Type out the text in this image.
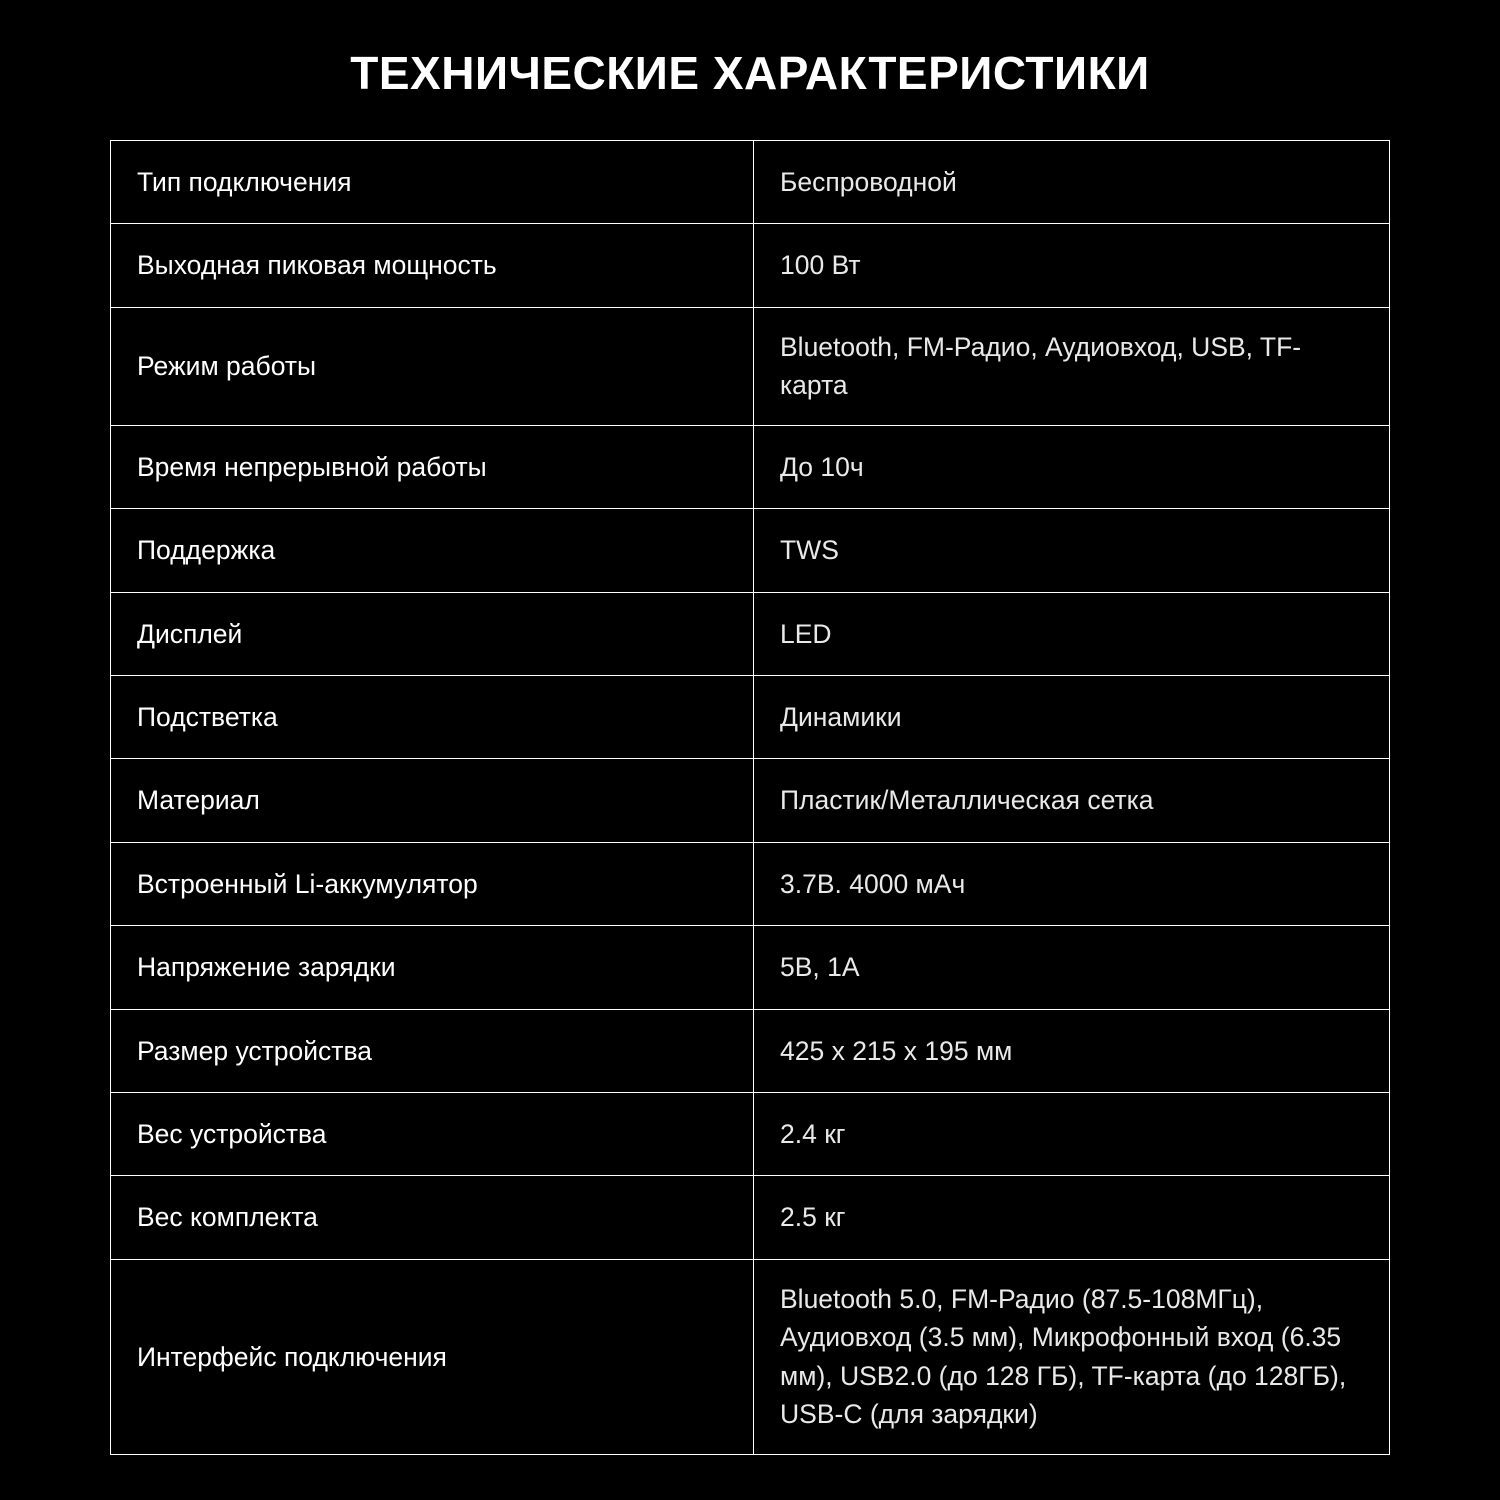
ТЕХНИЧЕСКИЕ ХАРАКТЕРИСТИКИ
Тип подключения	Беспроводной
Выходная пиковая мощность	100 Вт
Режим работы	Bluetooth, FM-Радио, Аудиовход, USB, TF-карта
Время непрерывной работы	До 10ч
Поддержка	TWS
Дисплей	LED
Подстветка	Динамики
Материал	Пластик/Металлическая сетка
Встроенный Li-аккумулятор	3.7В. 4000 мАч
Напряжение зарядки	5В, 1А
Размер устройства	425 x 215 x 195 мм
Вес устройства	2.4 кг
Вес комплекта	2.5 кг
Интерфейс подключения	Bluetooth 5.0, FM-Радио (87.5-108МГц), Аудиовход (3.5 мм), Микрофонный вход (6.35 мм), USB2.0 (до 128 ГБ), TF-карта (до 128ГБ), USB-C (для зарядки)
